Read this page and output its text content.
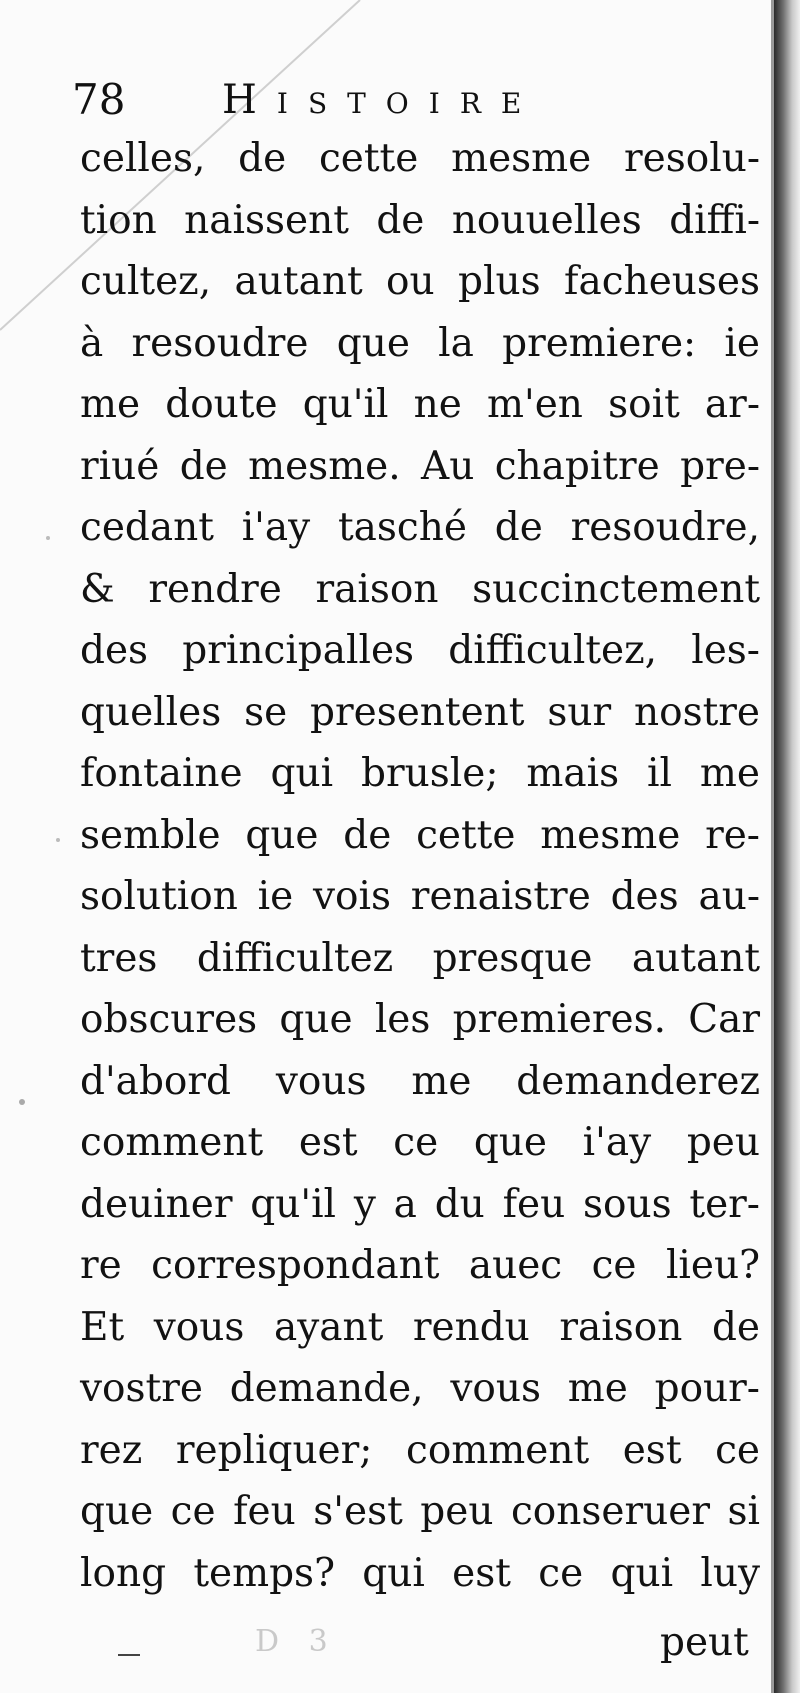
78 Histoire
celles, de cette mesme resolu-
tion naissent de nouuelles diffi-
cultez, autant ou plus facheuses
à resoudre que la premiere: ie
me doute qu'il ne m'en soit ar-
riué de mesme. Au chapitre pre-
cedant i'ay tasché de resoudre,
& rendre raison succinctement
des principalles difficultez, les-
quelles se presentent sur nostre
fontaine qui brusle; mais il me
semble que de cette mesme re-
solution ie vois renaistre des au-
tres difficultez presque autant
obscures que les premieres. Car
d'abord vous me demanderez
comment est ce que i'ay peu
deuiner qu'il y a du feu sous ter-
re correspondant auec ce lieu?
Et vous ayant rendu raison de
vostre demande, vous me pour-
rez repliquer; comment est ce
que ce feu s'est peu conseruer si
long temps? qui est ce qui luy
D 3	peut
